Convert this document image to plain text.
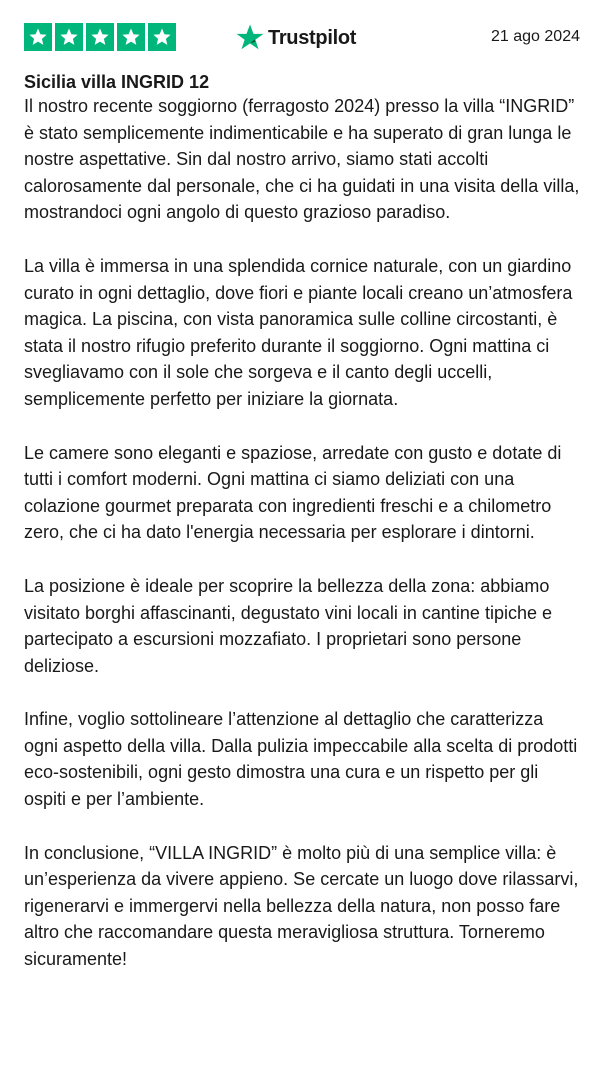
Trustpilot	21 ago 2024
Sicilia villa INGRID 12

Il nostro recente soggiorno (ferragosto 2024) presso la villa “INGRID” è stato semplicemente indimenticabile e ha superato di gran lunga le nostre aspettative. Sin dal nostro arrivo, siamo stati accolti calorosamente dal personale, che ci ha guidati in una visita della villa, mostrandoci ogni angolo di questo grazioso paradiso.

La villa è immersa in una splendida cornice naturale, con un giardino curato in ogni dettaglio, dove fiori e piante locali creano un’atmosfera magica. La piscina, con vista panoramica sulle colline circostanti, è stata il nostro rifugio preferito durante il soggiorno. Ogni mattina ci svegliavamo con il sole che sorgeva e il canto degli uccelli, semplicemente perfetto per iniziare la giornata.

Le camere sono eleganti e spaziose, arredate con gusto e dotate di tutti i comfort moderni. Ogni mattina ci siamo deliziati con una colazione gourmet preparata con ingredienti freschi e a chilometro zero, che ci ha dato l'energia necessaria per esplorare i dintorni.

La posizione è ideale per scoprire la bellezza della zona: abbiamo visitato borghi affascinanti, degustato vini locali in cantine tipiche e partecipato a escursioni mozzafiato. I proprietari sono persone deliziose.

Infine, voglio sottolineare l’attenzione al dettaglio che caratterizza ogni aspetto della villa. Dalla pulizia impeccabile alla scelta di prodotti eco-sostenibili, ogni gesto dimostra una cura e un rispetto per gli ospiti e per l’ambiente.

In conclusione, “VILLA INGRID” è molto più di una semplice villa: è un’esperienza da vivere appieno. Se cercate un luogo dove rilassarvi, rigenerarvi e immergervi nella bellezza della natura, non posso fare altro che raccomandare questa meravigliosa struttura. Torneremo sicuramente!
